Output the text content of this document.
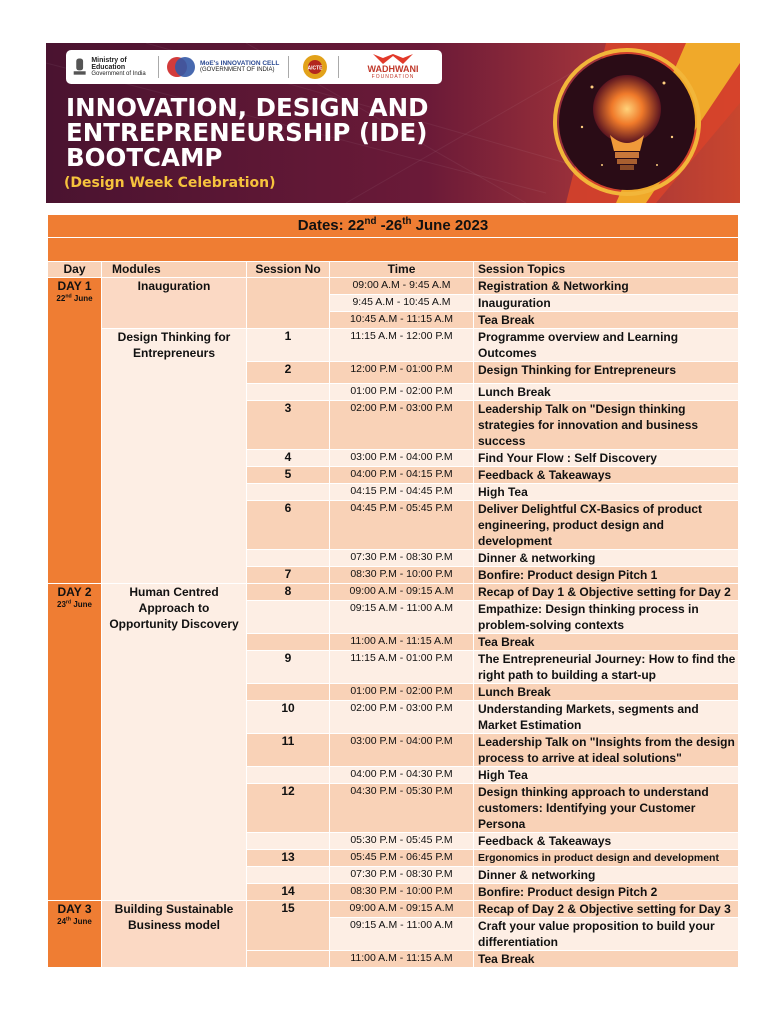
Ministry of Education
Government of India
MoE's INNOVATION CELL
(GOVERNMENT OF INDIA)	AICTE	WADHWANI
FOUNDATION
INNOVATION, DESIGN AND
ENTREPRENEURSHIP (IDE)
BOOTCAMP
(Design Week Celebration)
Dates: 22nd -26th June 2023				

Day	Modules	Session No	Time	Session Topics
DAY 1
22nd June	Inauguration		09:00 A.M - 9:45 A.M	Registration & Networking
			9:45 A.M - 10:45 A.M	Inauguration
			10:45 A.M - 11:15 A.M	Tea Break
	Design Thinking for Entrepreneurs	1	11:15 A.M - 12:00 P.M	Programme overview and Learning Outcomes
		2	12:00 P.M - 01:00 P.M	Design Thinking for Entrepreneurs
			01:00 P.M - 02:00 P.M	Lunch Break
		3	02:00 P.M - 03:00 P.M	Leadership Talk on "Design thinking strategies for innovation and business success
		4	03:00 P.M - 04:00 P.M	Find Your Flow : Self Discovery
		5	04:00 P.M - 04:15 P.M	Feedback & Takeaways
			04:15 P.M - 04:45 P.M	High Tea
		6	04:45 P.M - 05:45 P.M	Deliver Delightful CX-Basics of product engineering, product design and development
			07:30 P.M - 08:30 P.M	Dinner & networking
		7	08:30 P.M - 10:00 P.M	Bonfire: Product design Pitch 1
DAY 2
23rd June	Human Centred Approach to Opportunity Discovery	8	09:00 A.M - 09:15 A.M	Recap of Day 1 & Objective setting for Day 2
			09:15 A.M - 11:00 A.M	Empathize: Design thinking process in problem-solving contexts
			11:00 A.M - 11:15 A.M	Tea Break
		9	11:15 A.M - 01:00 P.M	The Entrepreneurial Journey: How to find the right path to building a start-up
			01:00 P.M - 02:00 P.M	Lunch Break
		10	02:00 P.M - 03:00 P.M	Understanding Markets, segments and Market Estimation
		11	03:00 P.M - 04:00 P.M	Leadership Talk on "Insights from the design process to arrive at ideal solutions"
			04:00 P.M - 04:30 P.M	High Tea
		12	04:30 P.M - 05:30 P.M	Design thinking approach to understand customers: Identifying your Customer Persona
			05:30 P.M - 05:45 P.M	Feedback & Takeaways
		13	05:45 P.M - 06:45 P.M	Ergonomics in product design and development
			07:30 P.M - 08:30 P.M	Dinner & networking
		14	08:30 P.M - 10:00 P.M	Bonfire: Product design Pitch 2
DAY 3
24th June	Building Sustainable Business model	15	09:00 A.M - 09:15 A.M	Recap of Day 2 & Objective setting for Day 3
			09:15 A.M - 11:00 A.M	Craft your value proposition to build your differentiation
			11:00 A.M - 11:15 A.M	Tea Break
